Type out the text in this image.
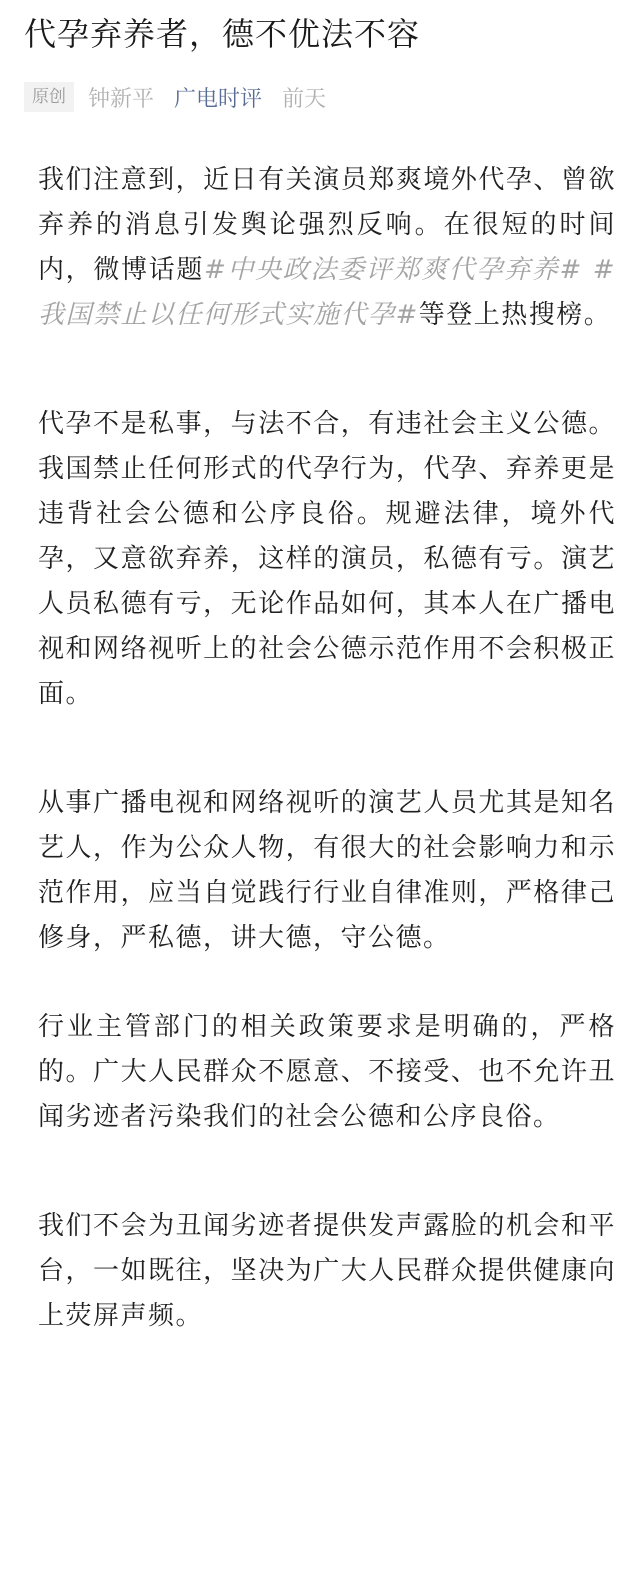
代孕弃养者，德不优法不容
原创	钟新平 广电时评 前天

我们注意到，近日有关演员郑爽境外代孕、曾欲弃养的消息引发舆论强烈反响。在很短的时间内，微博话题#中央政法委评郑爽代孕弃养# #我国禁止以任何形式实施代孕#等登上热搜榜。

代孕不是私事，与法不合，有违社会主义公德。我国禁止任何形式的代孕行为，代孕、弃养更是违背社会公德和公序良俗。规避法律，境外代孕，又意欲弃养，这样的演员，私德有亏。演艺人员私德有亏，无论作品如何，其本人在广播电视和网络视听上的社会公德示范作用不会积极正面。

从事广播电视和网络视听的演艺人员尤其是知名艺人，作为公众人物，有很大的社会影响力和示范作用，应当自觉践行行业自律准则，严格律己修身，严私德，讲大德，守公德。

行业主管部门的相关政策要求是明确的，严格的。广大人民群众不愿意、不接受、也不允许丑闻劣迹者污染我们的社会公德和公序良俗。

我们不会为丑闻劣迹者提供发声露脸的机会和平台，一如既往，坚决为广大人民群众提供健康向上荧屏声频。
